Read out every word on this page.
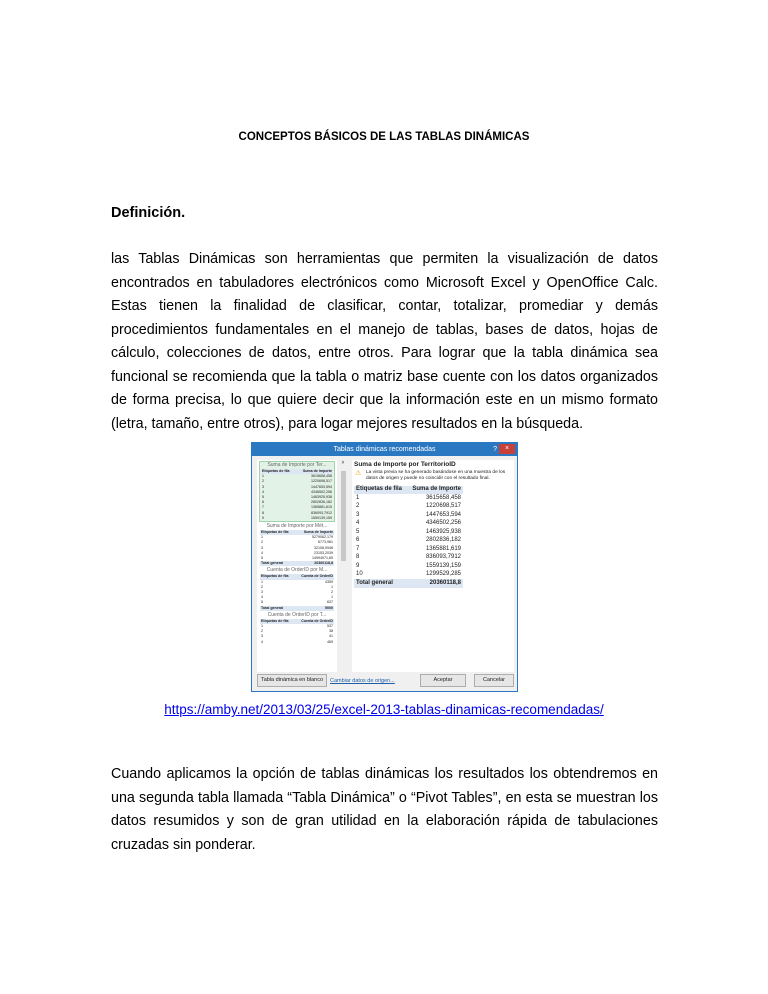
CONCEPTOS BÁSICOS DE LAS TABLAS DINÁMICAS
Definición.
las Tablas Dinámicas son herramientas que permiten la visualización de datos encontrados en tabuladores electrónicos como Microsoft Excel y OpenOffice Calc. Estas tienen la finalidad de clasificar, contar, totalizar, promediar y demás procedimientos fundamentales en el manejo de tablas, bases de datos, hojas de cálculo, colecciones de datos, entre otros. Para lograr que la tabla dinámica sea funcional se recomienda que la tabla o matriz base cuente con los datos organizados de forma precisa, lo que quiere decir que la información este en un mismo formato (letra, tamaño, entre otros), para logar mejores resultados en la búsqueda.
Tablas dinámicas recomendadas	?	×
Suma de Importe por Ter...
Etiquetas de fila	Suma de Importe
1	3615658,458
2	1220698,517
3	1447653,594
4	4346502,256
5	1463925,938
6	2802836,182
7	1365881,619
8	836093,7912
9	1559139,159
Suma de Importe por Mét...
Etiquetas de fila	Suma de Importe
1	5279062,179
2	6773,981
3	32108,0946
4	23153,2039
5	14994971,65
Total general	20360118,8
Cuenta de OrderID por M...
Etiquetas de fila	Cuenta de OrderID
1	4359
2	1
3	2
4	1
5	637
Total general	5000
Cuenta de OrderID por T...
Etiquetas de fila	Cuenta de OrderID
1	537
2	38
3	41
4	469
˄	Suma de Importe por TerritorioID
⚠ La vista previa se ha generado basándose en una muestra de los datos de origen y puede no coincidir con el resultado final.
Etiquetas de fila	Suma de Importe
1	3615658,458
2	1220698,517
3	1447653,594
4	4346502,256
5	1463925,938
6	2802836,182
7	1365881,619
8	836093,7912
9	1559139,159
10	1299529,285
Total general	20360118,8
Tabla dinámica en blanco	Cambiar datos de origen...	Aceptar	Cancelar
https://amby.net/2013/03/25/excel-2013-tablas-dinamicas-recomendadas/
Cuando aplicamos la opción de tablas dinámicas los resultados los obtendremos en una segunda tabla llamada “Tabla Dinámica” o “Pivot Tables”, en esta se muestran los datos resumidos y son de gran utilidad en la elaboración rápida de tabulaciones cruzadas sin ponderar.
